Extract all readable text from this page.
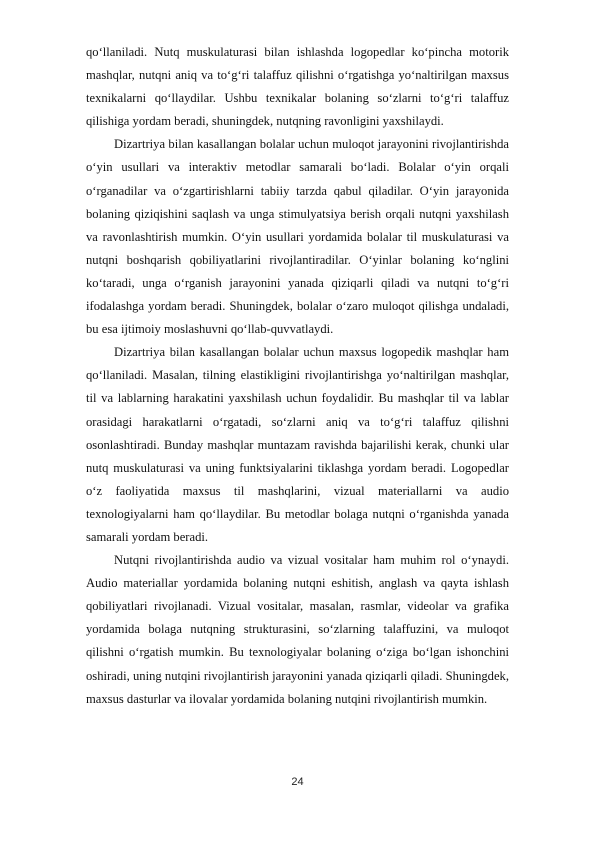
qo‘llaniladi. Nutq muskulaturasi bilan ishlashda logopedlar ko‘pincha motorik mashqlar, nutqni aniq va to‘g‘ri talaffuz qilishni o‘rgatishga yo‘naltirilgan maxsus texnikalarni qo‘llaydilar. Ushbu texnikalar bolaning so‘zlarni to‘g‘ri talaffuz qilishiga yordam beradi, shuningdek, nutqning ravonligini yaxshilaydi.

Dizartriya bilan kasallangan bolalar uchun muloqot jarayonini rivojlantirishda o‘yin usullari va interaktiv metodlar samarali bo‘ladi. Bolalar o‘yin orqali o‘rganadilar va o‘zgartirishlarni tabiiy tarzda qabul qiladilar. O‘yin jarayonida bolaning qiziqishini saqlash va unga stimulyatsiya berish orqali nutqni yaxshilash va ravonlashtirish mumkin. O‘yin usullari yordamida bolalar til muskulaturasi va nutqni boshqarish qobiliyatlarini rivojlantiradilar. O‘yinlar bolaning ko‘nglini ko‘taradi, unga o‘rganish jarayonini yanada qiziqarli qiladi va nutqni to‘g‘ri ifodalashga yordam beradi. Shuningdek, bolalar o‘zaro muloqot qilishga undaladi, bu esa ijtimoiy moslashuvni qo‘llab-quvvatlaydi.

Dizartriya bilan kasallangan bolalar uchun maxsus logopedik mashqlar ham qo‘llaniladi. Masalan, tilning elastikligini rivojlantirishga yo‘naltirilgan mashqlar, til va lablarning harakatini yaxshilash uchun foydalidir. Bu mashqlar til va lablar orasidagi harakatlarni o‘rgatadi, so‘zlarni aniq va to‘g‘ri talaffuz qilishni osonlashtiradi. Bunday mashqlar muntazam ravishda bajarilishi kerak, chunki ular nutq muskulaturasi va uning funktsiyalarini tiklashga yordam beradi. Logopedlar o‘z faoliyatida maxsus til mashqlarini, vizual materiallarni va audio texnologiyalarni ham qo‘llaydilar. Bu metodlar bolaga nutqni o‘rganishda yanada samarali yordam beradi.

Nutqni rivojlantirishda audio va vizual vositalar ham muhim rol o‘ynaydi. Audio materiallar yordamida bolaning nutqni eshitish, anglash va qayta ishlash qobiliyatlari rivojlanadi. Vizual vositalar, masalan, rasmlar, videolar va grafika yordamida bolaga nutqning strukturasini, so‘zlarning talaffuzini, va muloqot qilishni o‘rgatish mumkin. Bu texnologiyalar bolaning o‘ziga bo‘lgan ishonchini oshiradi, uning nutqini rivojlantirish jarayonini yanada qiziqarli qiladi. Shuningdek, maxsus dasturlar va ilovalar yordamida bolaning nutqini rivojlantirish mumkin.

24
